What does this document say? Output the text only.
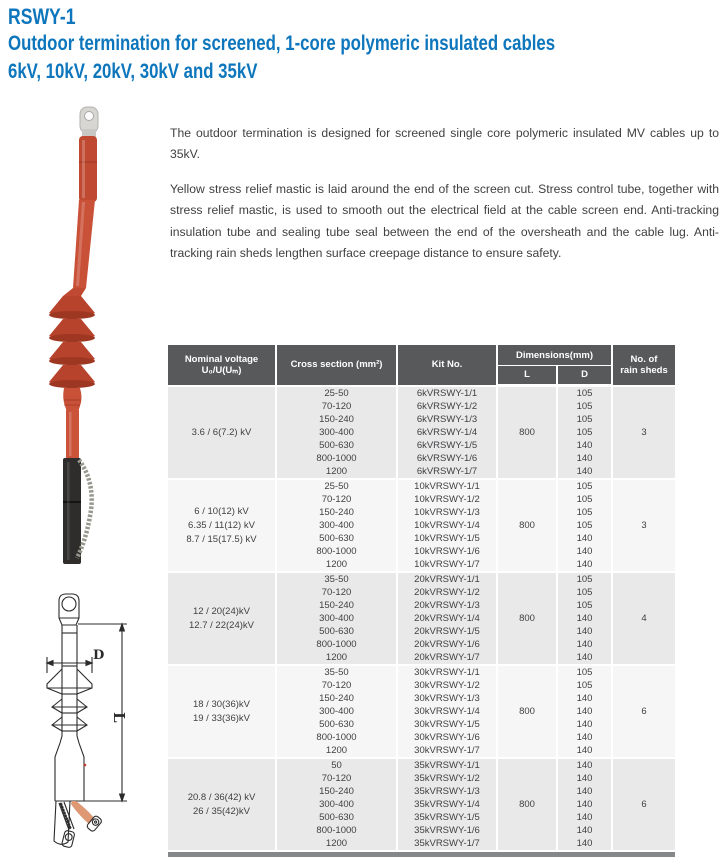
RSWY-1
Outdoor termination for screened, 1-core polymeric insulated cables
6kV, 10kV, 20kV, 30kV and 35kV

The outdoor termination is designed for screened single core polymeric insulated MV cables up to 35kV.

Yellow stress relief mastic is laid around the end of the screen cut. Stress control tube, together with stress relief mastic, is used to smooth out the electrical field at the cable screen end. Anti-tracking insulation tube and sealing tube seal between the end of the oversheath and the cable lug. Anti-tracking rain sheds lengthen surface creepage distance to ensure safety.

D
L
Nominal voltage
U₀/U(Uₘ)
Cross section (mm²)	Kit No.
Dimensions(mm)
L	D
No. of
rain sheds
3.6 / 6(7.2) kV
25-50
70-120
150-240
300-400
500-630
800-1000
1200
6kVRSWY-1/1
6kVRSWY-1/2
6kVRSWY-1/3
6kVRSWY-1/4
6kVRSWY-1/5
6kVRSWY-1/6
6kVRSWY-1/7
800
105
105
105
105
140
140
140
3
6 / 10(12) kV
6.35 / 11(12) kV
8.7 / 15(17.5) kV
25-50
70-120
150-240
300-400
500-630
800-1000
1200
10kVRSWY-1/1
10kVRSWY-1/2
10kVRSWY-1/3
10kVRSWY-1/4
10kVRSWY-1/5
10kVRSWY-1/6
10kVRSWY-1/7
800
105
105
105
105
140
140
140
3
12 / 20(24)kV
12.7 / 22(24)kV
35-50
70-120
150-240
300-400
500-630
800-1000
1200
20kVRSWY-1/1
20kVRSWY-1/2
20kVRSWY-1/3
20kVRSWY-1/4
20kVRSWY-1/5
20kVRSWY-1/6
20kVRSWY-1/7
800
105
105
105
140
140
140
140
4
18 / 30(36)kV
19 / 33(36)kV
35-50
70-120
150-240
300-400
500-630
800-1000
1200
30kVRSWY-1/1
30kVRSWY-1/2
30kVRSWY-1/3
30kVRSWY-1/4
30kVRSWY-1/5
30kVRSWY-1/6
30kVRSWY-1/7
800
105
105
140
140
140
140
140
6
20.8 / 36(42) kV
26 / 35(42)kV
50
70-120
150-240
300-400
500-630
800-1000
1200
35kVRSWY-1/1
35kVRSWY-1/2
35kVRSWY-1/3
35kVRSWY-1/4
35kVRSWY-1/5
35kVRSWY-1/6
35kVRSWY-1/7
800
140
140
140
140
140
140
140
6
